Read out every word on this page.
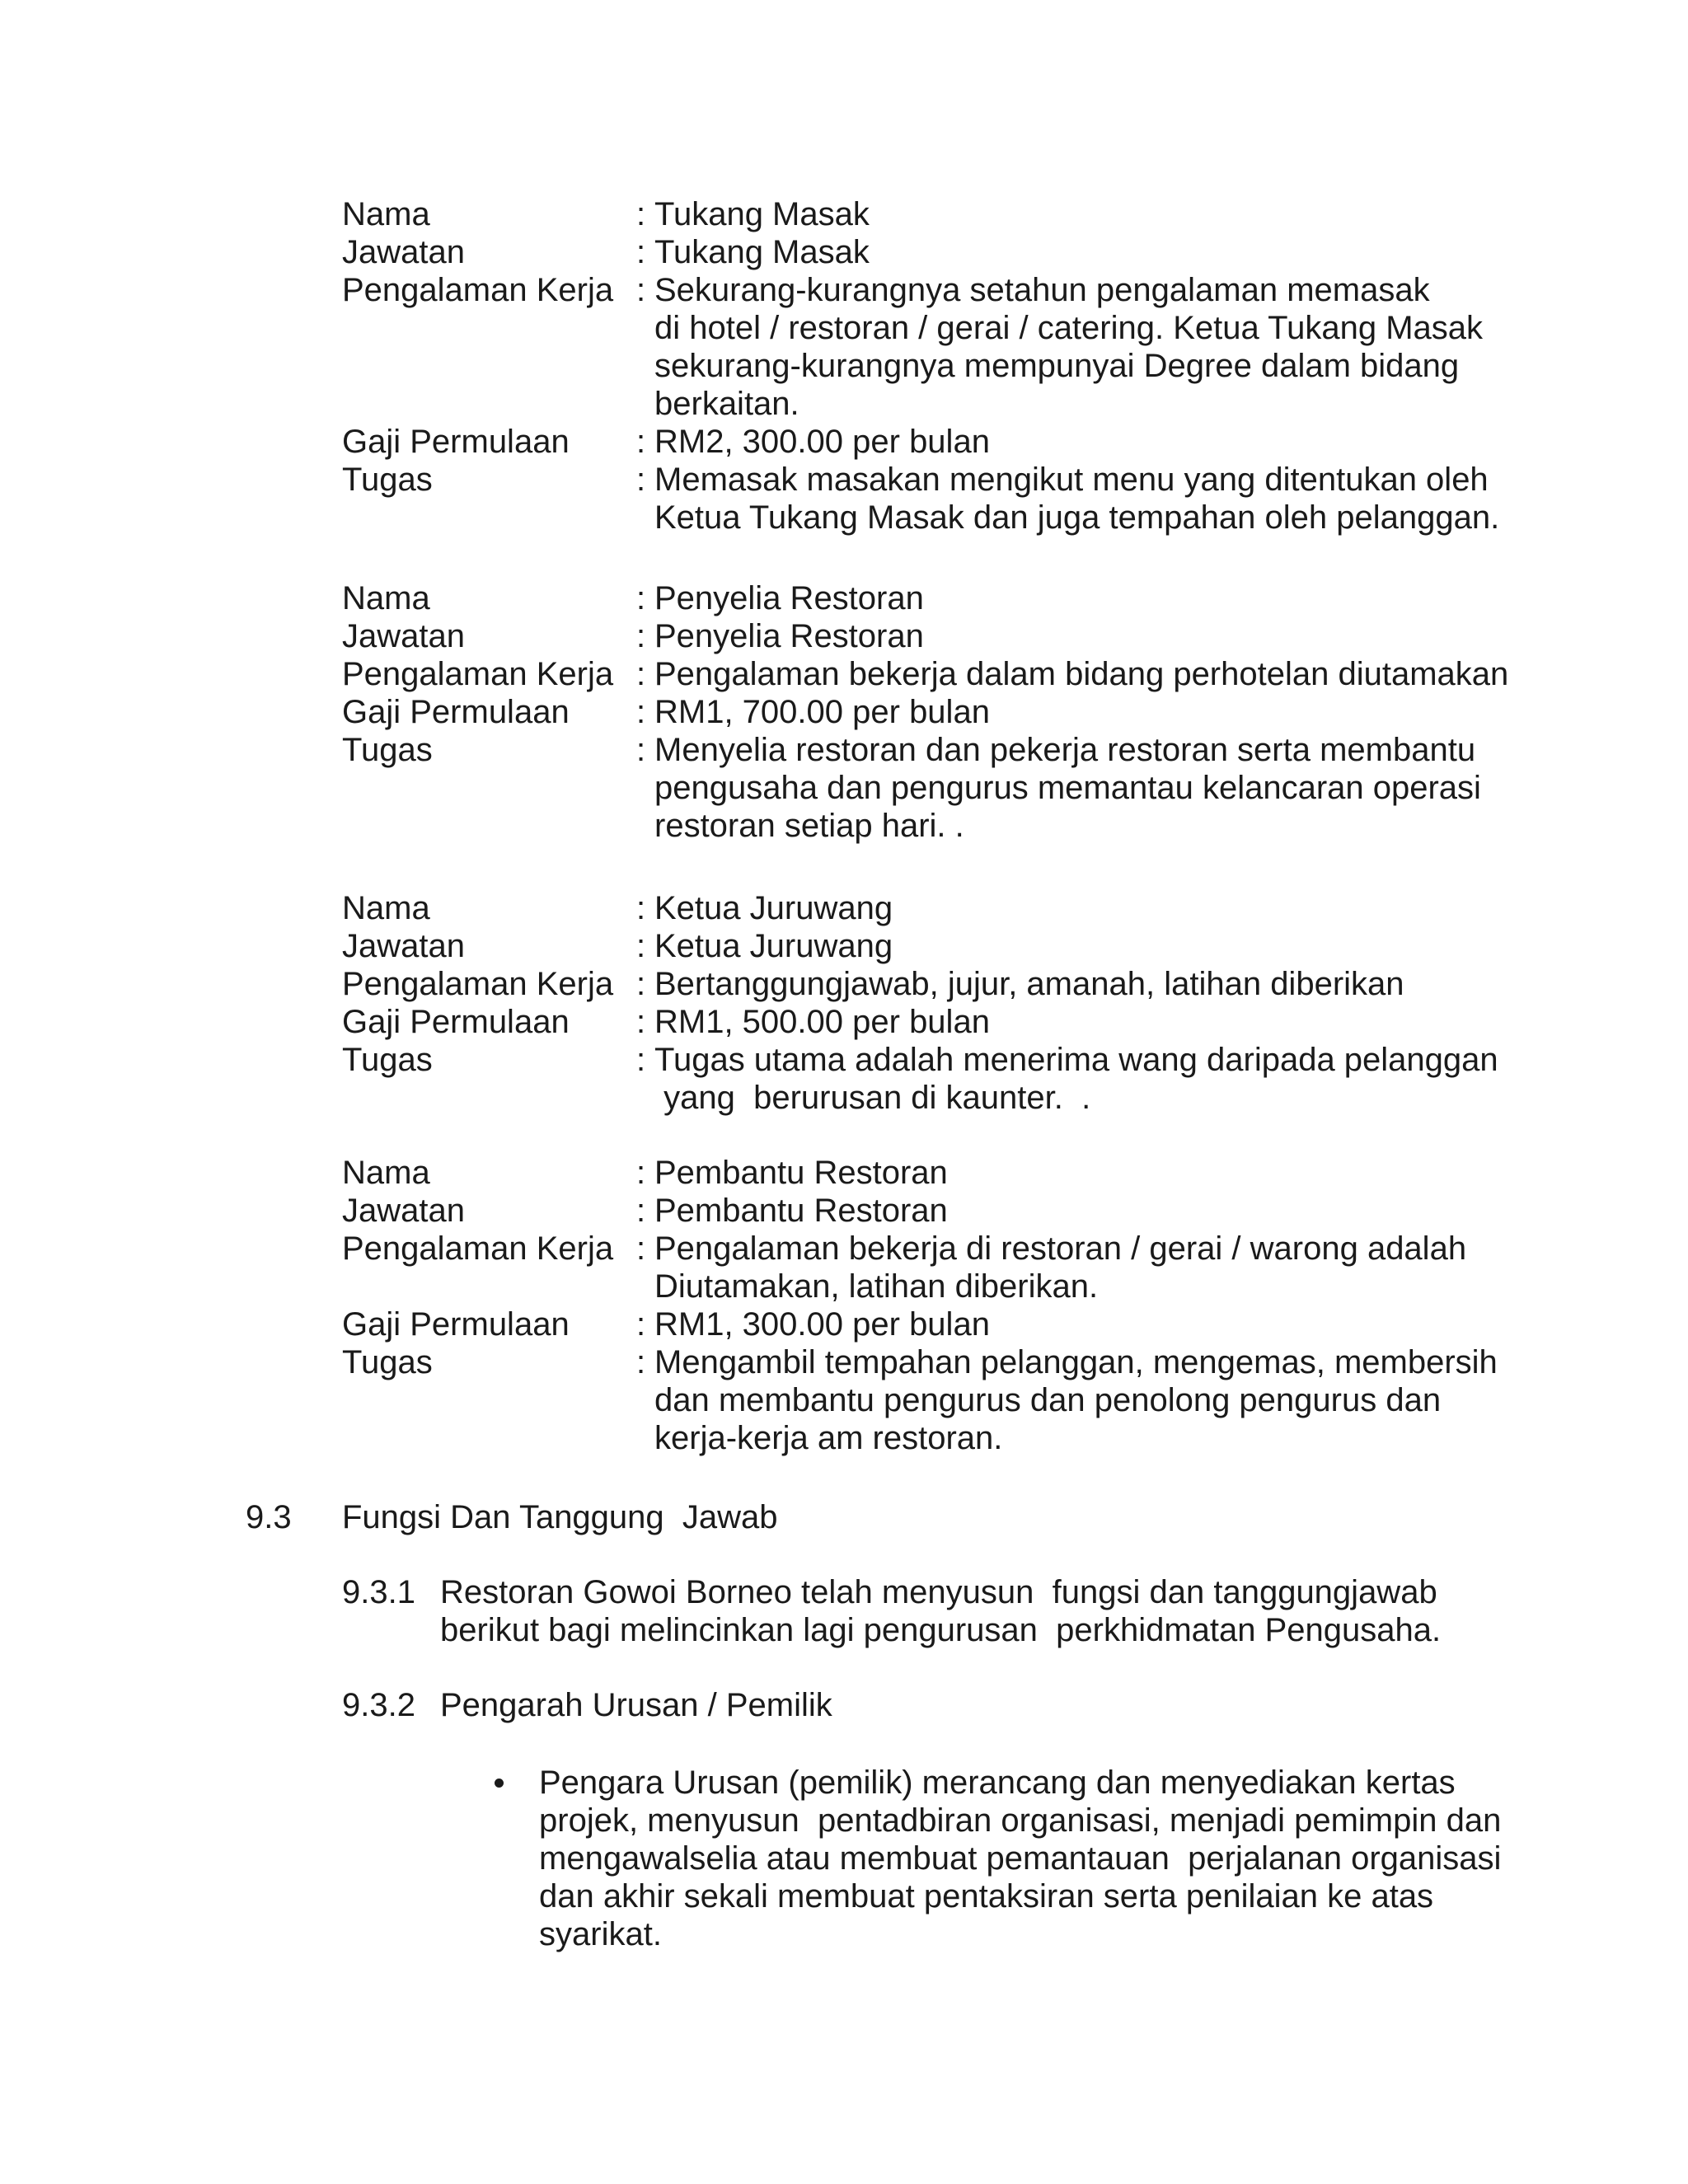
Nama	: Tukang Masak
Jawatan	: Tukang Masak
Pengalaman Kerja : Sekurang-kurangnya setahun pengalaman memasak
di hotel / restoran / gerai / catering. Ketua Tukang Masak
sekurang-kurangnya mempunyai Degree dalam bidang
berkaitan.
Gaji Permulaan	: RM2, 300.00 per bulan
Tugas	: Memasak masakan mengikut menu yang ditentukan oleh
Ketua Tukang Masak dan juga tempahan oleh pelanggan.
Nama	: Penyelia Restoran
Jawatan	: Penyelia Restoran
Pengalaman Kerja : Pengalaman bekerja dalam bidang perhotelan diutamakan
Gaji Permulaan	: RM1, 700.00 per bulan
Tugas	: Menyelia restoran dan pekerja restoran serta membantu
pengusaha dan pengurus memantau kelancaran operasi
restoran setiap hari. .
Nama	: Ketua Juruwang
Jawatan	: Ketua Juruwang
Pengalaman Kerja : Bertanggungjawab, jujur, amanah, latihan diberikan
Gaji Permulaan	: RM1, 500.00 per bulan
Tugas	: Tugas utama adalah menerima wang daripada pelanggan
yang  berurusan di kaunter.  .
Nama	: Pembantu Restoran
Jawatan	: Pembantu Restoran
Pengalaman Kerja : Pengalaman bekerja di restoran / gerai / warong adalah
Diutamakan, latihan diberikan.
Gaji Permulaan	: RM1, 300.00 per bulan
Tugas	: Mengambil tempahan pelanggan, mengemas, membersih
dan membantu pengurus dan penolong pengurus dan
kerja-kerja am restoran.
9.3 Fungsi Dan Tanggung  Jawab
9.3.1 Restoran Gowoi Borneo telah menyusun  fungsi dan tanggungjawab
berikut bagi melincinkan lagi pengurusan  perkhidmatan Pengusaha.
9.3.2 Pengarah Urusan / Pemilik
Pengara Urusan (pemilik) merancang dan menyediakan kertas
projek, menyusun  pentadbiran organisasi, menjadi pemimpin dan
mengawalselia atau membuat pemantauan  perjalanan organisasi
dan akhir sekali membuat pentaksiran serta penilaian ke atas
syarikat.
